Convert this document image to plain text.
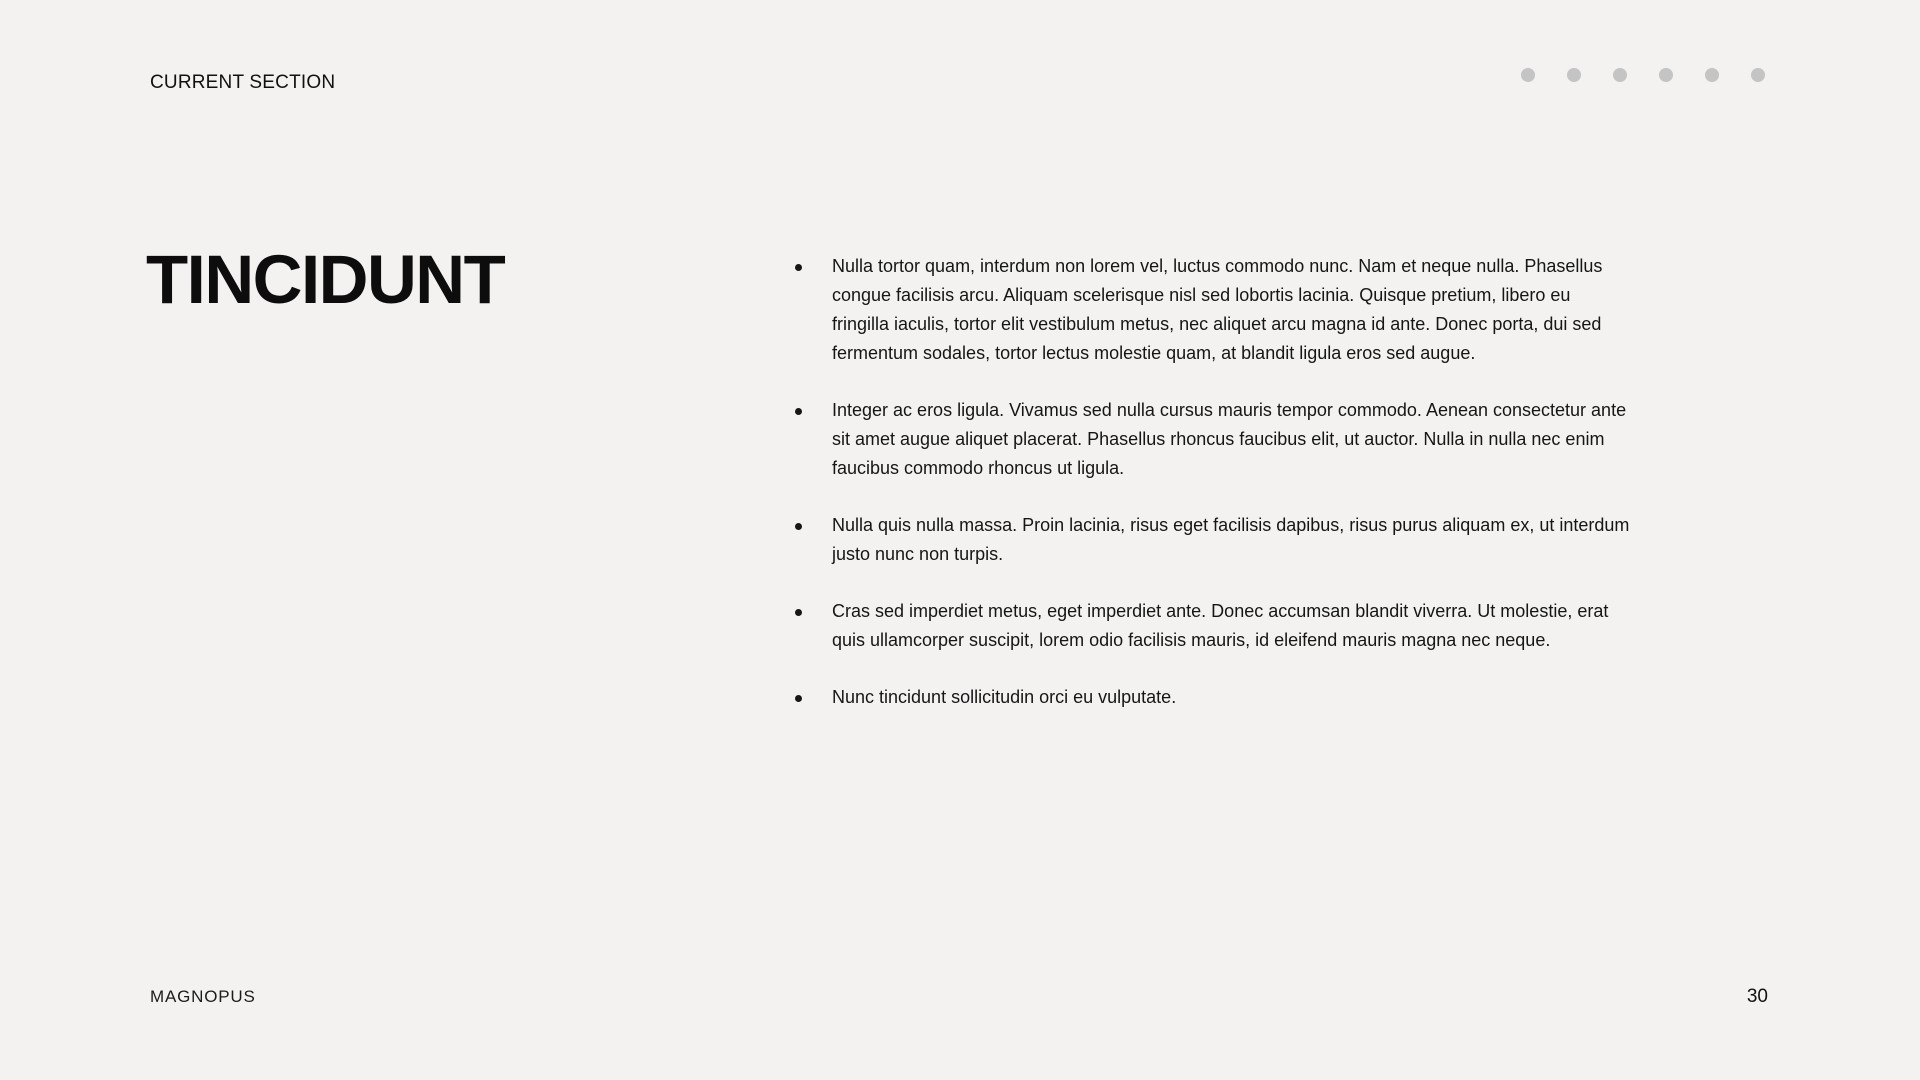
CURRENT SECTION
TINCIDUNT	Nulla tortor quam, interdum non lorem vel, luctus commodo nunc. Nam et neque nulla. Phasellus congue facilisis arcu. Aliquam scelerisque nisl sed lobortis lacinia. Quisque pretium, libero eu fringilla iaculis, tortor elit vestibulum metus, nec aliquet arcu magna id ante. Donec porta, dui sed fermentum sodales, tortor lectus molestie quam, at blandit ligula eros sed augue.
Integer ac eros ligula. Vivamus sed nulla cursus mauris tempor commodo. Aenean consectetur ante sit amet augue aliquet placerat. Phasellus rhoncus faucibus elit, ut auctor. Nulla in nulla nec enim faucibus commodo rhoncus ut ligula.
Nulla quis nulla massa. Proin lacinia, risus eget facilisis dapibus, risus purus aliquam ex, ut interdum justo nunc non turpis.
Cras sed imperdiet metus, eget imperdiet ante. Donec accumsan blandit viverra. Ut molestie, erat quis ullamcorper suscipit, lorem odio facilisis mauris, id eleifend mauris magna nec neque.
Nunc tincidunt sollicitudin orci eu vulputate.
MAGNOPUS	30
